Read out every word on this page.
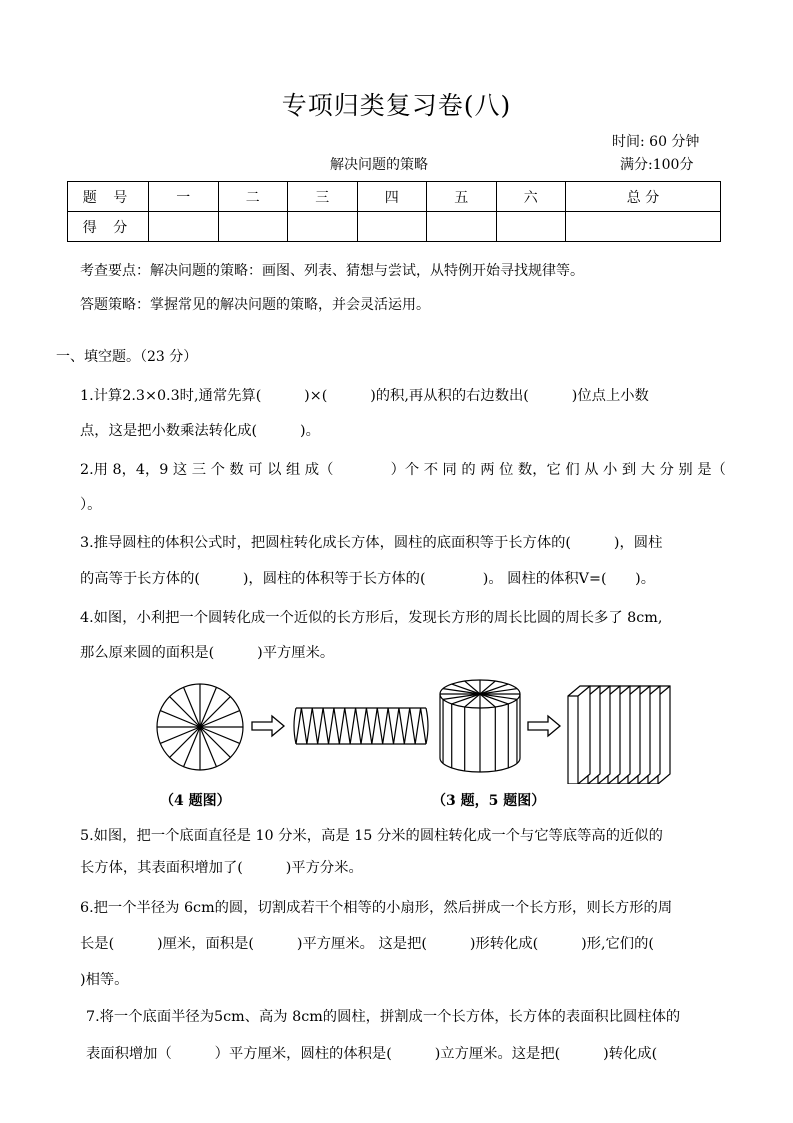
专项归类复习卷(八)
时间: 60 分钟
解决问题的策略	满分:100分
题 号	一	二	三	四	五	六	总 分
得 分							
考查要点：解决问题的策略：画图、列表、猜想与尝试，从特例开始寻找规律等。
答题策略：掌握常见的解决问题的策略，并会灵活运用。
一、填空题。（23 分）
1.计算2.3×0.3时,通常先算(　　　)×(　　　)的积,再从积的右边数出(　　　)位点上小数
点，这是把小数乘法转化成(　　　)。
2.用 8，4，9 这 三 个 数 可 以 组 成（　　　　）个 不 同 的 两 位 数，它 们 从 小 到 大 分 别 是（
）。
3.推导圆柱的体积公式时，把圆柱转化成长方体，圆柱的底面积等于长方体的(　　　)，圆柱
的高等于长方体的(　　　)，圆柱的体积等于长方体的(　　　　)。 圆柱的体积V=(　　)。
4.如图，小利把一个圆转化成一个近似的长方形后，发现长方形的周长比圆的周长多了 8cm,
那么原来圆的面积是(　　　)平方厘米。
（4 题图）	（3 题，5 题图）
5.如图，把一个底面直径是 10 分米，高是 15 分米的圆柱转化成一个与它等底等高的近似的
长方体，其表面积增加了(　　　)平方分米。
6.把一个半径为 6cm的圆，切割成若干个相等的小扇形，然后拼成一个长方形，则长方形的周
长是(　　　)厘米，面积是(　　　)平方厘米。 这是把(　　　)形转化成(　　　)形,它们的(
)相等。
7.将一个底面半径为5cm、高为 8cm的圆柱，拼割成一个长方体，长方体的表面积比圆柱体的
表面积增加（　　　）平方厘米，圆柱的体积是(　　　)立方厘米。这是把(　　　)转化成(
